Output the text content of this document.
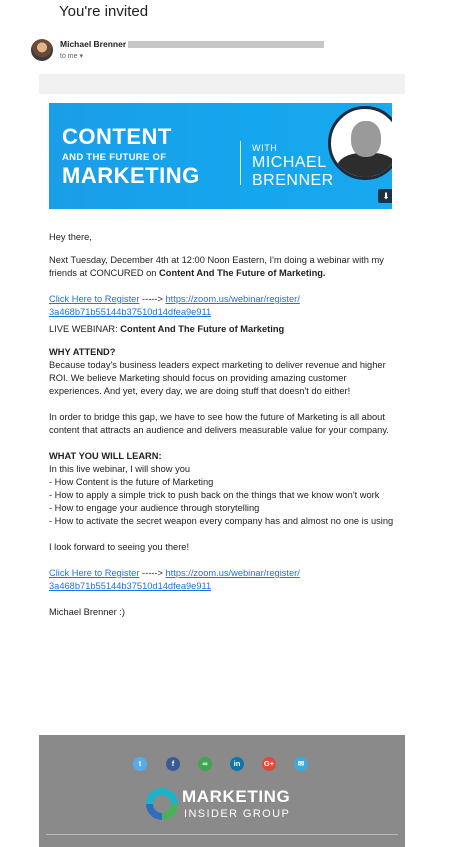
You're invited
Michael Brenner
to me ▾
CONTENT
AND THE FUTURE OF
MARKETING
WITH
MICHAEL
BRENNER
⬇

Hey there,

Next Tuesday, December 4th at 12:00 Noon Eastern, I'm doing a webinar with my friends at CONCURED on Content And The Future of Marketing.

Click Here to Register -----> https://zoom.us/webinar/register/

3a468b71b55144b37510d14dfea9e911

LIVE WEBINAR: Content And The Future of Marketing

WHY ATTEND?

Because today's business leaders expect marketing to deliver revenue and higher ROI. We believe Marketing should focus on providing amazing customer experiences. And yet, every day, we are doing stuff that doesn't do either!

In order to bridge this gap, we have to see how the future of Marketing is all about content that attracts an audience and delivers measurable value for your company.

WHAT YOU WILL LEARN:

In this live webinar, I will show you

- How Content is the future of Marketing

- How to apply a simple trick to push back on the things that we know won't work

- How to engage your audience through storytelling

- How to activate the secret weapon every company has and almost no one is using

I look forward to seeing you there!

Click Here to Register -----> https://zoom.us/webinar/register/

3a468b71b55144b37510d14dfea9e911

Michael Brenner :)

t	f	∞	in	G+	✉
MARKETING
INSIDER GROUP
